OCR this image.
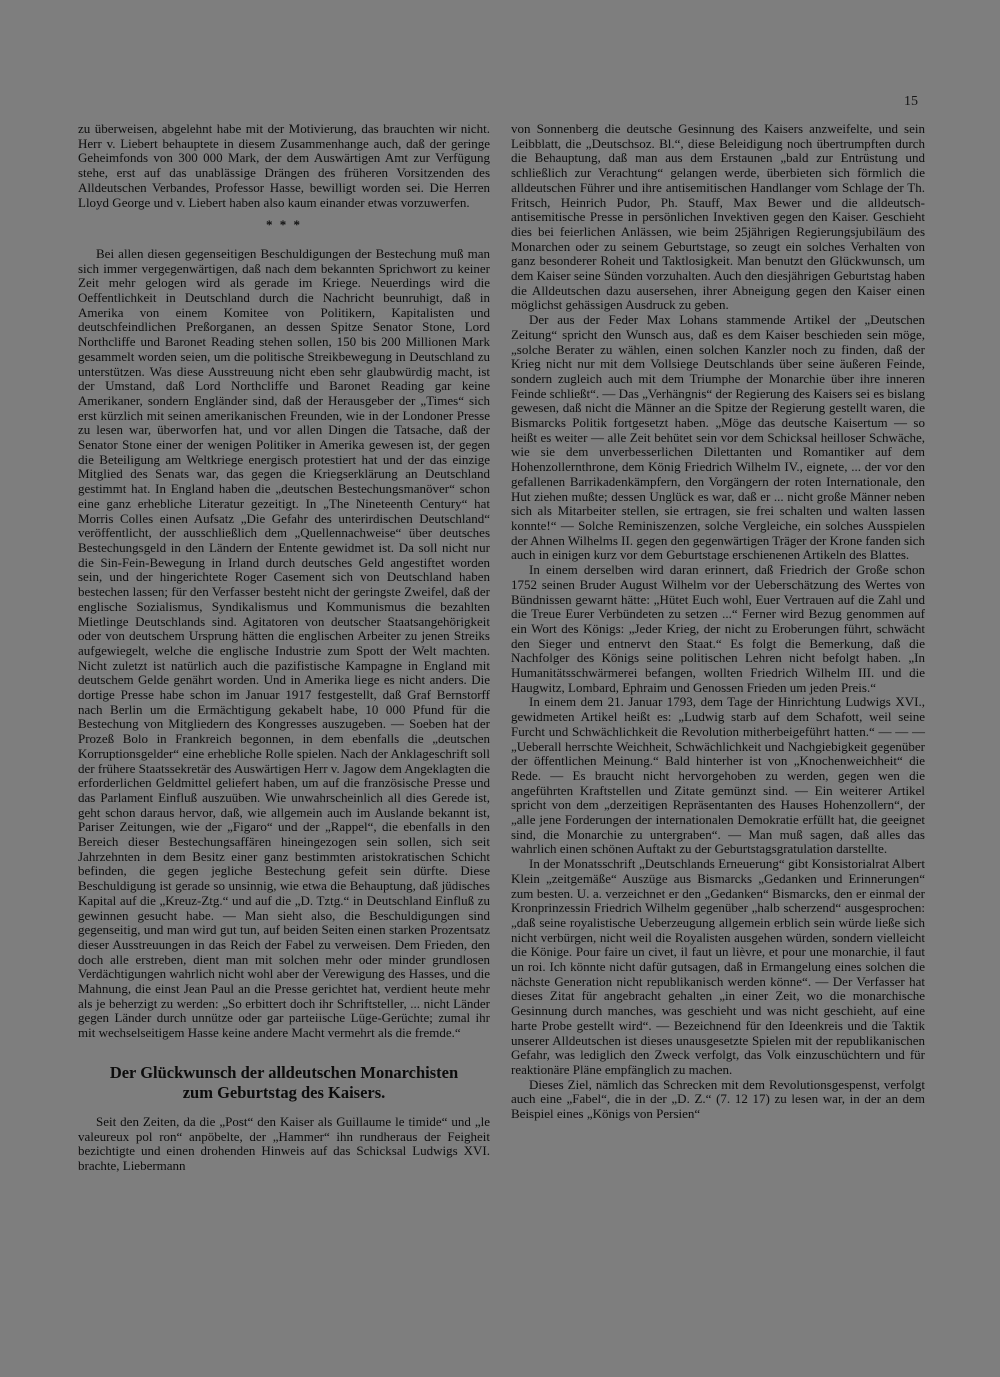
15

zu überweisen, abgelehnt habe mit der Motivierung, das brauchten wir nicht. Herr v. Liebert behauptete in diesem Zusammenhange auch, daß der geringe Geheimfonds von 300 000 Mark, der dem Auswärtigen Amt zur Verfügung stehe, erst auf das unablässige Drängen des früheren Vorsitzenden des Alldeutschen Verbandes, Professor Hasse, bewilligt worden sei. Die Herren Lloyd George und v. Liebert haben also kaum einander etwas vorzuwerfen.

* * *

Bei allen diesen gegenseitigen Beschuldigungen der Bestechung muß man sich immer vergegenwärtigen, daß nach dem bekannten Sprichwort zu keiner Zeit mehr gelogen wird als gerade im Kriege. Neuerdings wird die Oeffentlichkeit in Deutschland durch die Nachricht beunruhigt, daß in Amerika von einem Komitee von Politikern, Kapitalisten und deutschfeindlichen Preßorganen, an dessen Spitze Senator Stone, Lord Northcliffe und Baronet Reading stehen sollen, 150 bis 200 Millionen Mark gesammelt worden seien, um die politische Streikbewegung in Deutschland zu unterstützen. Was diese Ausstreuung nicht eben sehr glaubwürdig macht, ist der Umstand, daß Lord Northcliffe und Baronet Reading gar keine Amerikaner, sondern Engländer sind, daß der Herausgeber der „Times“ sich erst kürzlich mit seinen amerikanischen Freunden, wie in der Londoner Presse zu lesen war, überworfen hat, und vor allen Dingen die Tatsache, daß der Senator Stone einer der wenigen Politiker in Amerika gewesen ist, der gegen die Beteiligung am Weltkriege energisch protestiert hat und der das einzige Mitglied des Senats war, das gegen die Kriegserklärung an Deutschland gestimmt hat. In England haben die „deutschen Bestechungsmanöver“ schon eine ganz erhebliche Literatur gezeitigt. In „The Nineteenth Century“ hat Morris Colles einen Aufsatz „Die Gefahr des unterirdischen Deutschland“ veröffentlicht, der ausschließlich dem „Quellennachweise“ über deutsches Bestechungsgeld in den Ländern der Entente gewidmet ist. Da soll nicht nur die Sin-Fein-Bewegung in Irland durch deutsches Geld angestiftet worden sein, und der hingerichtete Roger Casement sich von Deutschland haben bestechen lassen; für den Verfasser besteht nicht der geringste Zweifel, daß der englische Sozialismus, Syndikalismus und Kommunismus die bezahlten Mietlinge Deutschlands sind. Agitatoren von deutscher Staatsangehörigkeit oder von deutschem Ursprung hätten die englischen Arbeiter zu jenen Streiks aufgewiegelt, welche die englische Industrie zum Spott der Welt machten. Nicht zuletzt ist natürlich auch die pazifistische Kampagne in England mit deutschem Gelde genährt worden. Und in Amerika liege es nicht anders. Die dortige Presse habe schon im Januar 1917 festgestellt, daß Graf Bernstorff nach Berlin um die Ermächtigung gekabelt habe, 10 000 Pfund für die Bestechung von Mitgliedern des Kongresses auszugeben. — Soeben hat der Prozeß Bolo in Frankreich begonnen, in dem ebenfalls die „deutschen Korruptionsgelder“ eine erhebliche Rolle spielen. Nach der Anklageschrift soll der frühere Staatssekretär des Auswärtigen Herr v. Jagow dem Angeklagten die erforderlichen Geldmittel geliefert haben, um auf die französische Presse und das Parlament Einfluß auszuüben. Wie unwahrscheinlich all dies Gerede ist, geht schon daraus hervor, daß, wie allgemein auch im Auslande bekannt ist, Pariser Zeitungen, wie der „Figaro“ und der „Rappel“, die ebenfalls in den Bereich dieser Bestechungsaffären hineingezogen sein sollen, sich seit Jahrzehnten in dem Besitz einer ganz bestimmten aristokratischen Schicht befinden, die gegen jegliche Bestechung gefeit sein dürfte. Diese Beschuldigung ist gerade so unsinnig, wie etwa die Behauptung, daß jüdisches Kapital auf die „Kreuz-Ztg.“ und auf die „D. Tztg.“ in Deutschland Einfluß zu gewinnen gesucht habe. — Man sieht also, die Beschuldigungen sind gegenseitig, und man wird gut tun, auf beiden Seiten einen starken Prozentsatz dieser Ausstreuungen in das Reich der Fabel zu verweisen. Dem Frieden, den doch alle erstreben, dient man mit solchen mehr oder minder grundlosen Verdächtigungen wahrlich nicht wohl aber der Verewigung des Hasses, und die Mahnung, die einst Jean Paul an die Presse gerichtet hat, verdient heute mehr als je beherzigt zu werden: „So erbittert doch ihr Schriftsteller, ... nicht Länder gegen Länder durch unnütze oder gar parteiische Lüge-Gerüchte; zumal ihr mit wechselseitigem Hasse keine andere Macht vermehrt als die fremde.“

Der Glückwunsch der alldeutschen Monarchisten
zum Geburtstag des Kaisers.

Seit den Zeiten, da die „Post“ den Kaiser als Guillaume le timide“ und „le valeureux pol ron“ anpöbelte, der „Hammer“ ihn rundheraus der Feigheit bezichtigte und einen drohenden Hinweis auf das Schicksal Ludwigs XVI. brachte, Liebermann

von Sonnenberg die deutsche Gesinnung des Kaisers anzweifelte, und sein Leibblatt, die „Deutschsoz. Bl.“, diese Beleidigung noch übertrumpften durch die Behauptung, daß man aus dem Erstaunen „bald zur Entrüstung und schließlich zur Verachtung“ gelangen werde, überbieten sich förmlich die alldeutschen Führer und ihre antisemitischen Handlanger vom Schlage der Th. Fritsch, Heinrich Pudor, Ph. Stauff, Max Bewer und die alldeutsch-antisemitische Presse in persönlichen Invektiven gegen den Kaiser. Geschieht dies bei feierlichen Anlässen, wie beim 25jährigen Regierungsjubiläum des Monarchen oder zu seinem Geburtstage, so zeugt ein solches Verhalten von ganz besonderer Roheit und Taktlosigkeit. Man benutzt den Glückwunsch, um dem Kaiser seine Sünden vorzuhalten. Auch den diesjährigen Geburtstag haben die Alldeutschen dazu ausersehen, ihrer Abneigung gegen den Kaiser einen möglichst gehässigen Ausdruck zu geben.

Der aus der Feder Max Lohans stammende Artikel der „Deutschen Zeitung“ spricht den Wunsch aus, daß es dem Kaiser beschieden sein möge, „solche Berater zu wählen, einen solchen Kanzler noch zu finden, daß der Krieg nicht nur mit dem Vollsiege Deutschlands über seine äußeren Feinde, sondern zugleich auch mit dem Triumphe der Monarchie über ihre inneren Feinde schließt“. — Das „Verhängnis“ der Regierung des Kaisers sei es bislang gewesen, daß nicht die Männer an die Spitze der Regierung gestellt waren, die Bismarcks Politik fortgesetzt haben. „Möge das deutsche Kaisertum — so heißt es weiter — alle Zeit behütet sein vor dem Schicksal heilloser Schwäche, wie sie dem unverbesserlichen Dilettanten und Romantiker auf dem Hohenzollernthrone, dem König Friedrich Wilhelm IV., eignete, ... der vor den gefallenen Barrikadenkämpfern, den Vorgängern der roten Internationale, den Hut ziehen mußte; dessen Unglück es war, daß er ... nicht große Männer neben sich als Mitarbeiter stellen, sie ertragen, sie frei schalten und walten lassen konnte!“ — Solche Reminiszenzen, solche Vergleiche, ein solches Ausspielen der Ahnen Wilhelms II. gegen den gegenwärtigen Träger der Krone fanden sich auch in einigen kurz vor dem Geburtstage erschienenen Artikeln des Blattes.

In einem derselben wird daran erinnert, daß Friedrich der Große schon 1752 seinen Bruder August Wilhelm vor der Ueberschätzung des Wertes von Bündnissen gewarnt hätte: „Hütet Euch wohl, Euer Vertrauen auf die Zahl und die Treue Eurer Verbündeten zu setzen ...“ Ferner wird Bezug genommen auf ein Wort des Königs: „Jeder Krieg, der nicht zu Eroberungen führt, schwächt den Sieger und entnervt den Staat.“ Es folgt die Bemerkung, daß die Nachfolger des Königs seine politischen Lehren nicht befolgt haben. „In Humanitätsschwärmerei befangen, wollten Friedrich Wilhelm III. und die Haugwitz, Lombard, Ephraim und Genossen Frieden um jeden Preis.“

In einem dem 21. Januar 1793, dem Tage der Hinrichtung Ludwigs XVI., gewidmeten Artikel heißt es: „Ludwig starb auf dem Schafott, weil seine Furcht und Schwächlichkeit die Revolution mitherbeigeführt hatten.“ — — — „Ueberall herrschte Weichheit, Schwächlichkeit und Nachgiebigkeit gegenüber der öffentlichen Meinung.“ Bald hinterher ist von „Knochenweichheit“ die Rede. — Es braucht nicht hervorgehoben zu werden, gegen wen die angeführten Kraftstellen und Zitate gemünzt sind. — Ein weiterer Artikel spricht von dem „derzeitigen Repräsentanten des Hauses Hohenzollern“, der „alle jene Forderungen der internationalen Demokratie erfüllt hat, die geeignet sind, die Monarchie zu untergraben“. — Man muß sagen, daß alles das wahrlich einen schönen Auftakt zu der Geburtstagsgratulation darstellte.

In der Monatsschrift „Deutschlands Erneuerung“ gibt Konsistorialrat Albert Klein „zeitgemäße“ Auszüge aus Bismarcks „Gedanken und Erinnerungen“ zum besten. U. a. verzeichnet er den „Gedanken“ Bismarcks, den er einmal der Kronprinzessin Friedrich Wilhelm gegenüber „halb scherzend“ ausgesprochen: „daß seine royalistische Ueberzeugung allgemein erblich sein würde ließe sich nicht verbürgen, nicht weil die Royalisten ausgehen würden, sondern vielleicht die Könige. Pour faire un civet, il faut un lièvre, et pour une monarchie, il faut un roi. Ich könnte nicht dafür gutsagen, daß in Ermangelung eines solchen die nächste Generation nicht republikanisch werden könne“. — Der Verfasser hat dieses Zitat für angebracht gehalten „in einer Zeit, wo die monarchische Gesinnung durch manches, was geschieht und was nicht geschieht, auf eine harte Probe gestellt wird“. — Bezeichnend für den Ideenkreis und die Taktik unserer Alldeutschen ist dieses unausgesetzte Spielen mit der republikanischen Gefahr, was lediglich den Zweck verfolgt, das Volk einzuschüchtern und für reaktionäre Pläne empfänglich zu machen.

Dieses Ziel, nämlich das Schrecken mit dem Revolutionsgespenst, verfolgt auch eine „Fabel“, die in der „D. Z.“ (7. 12 17) zu lesen war, in der an dem Beispiel eines „Königs von Persien“
